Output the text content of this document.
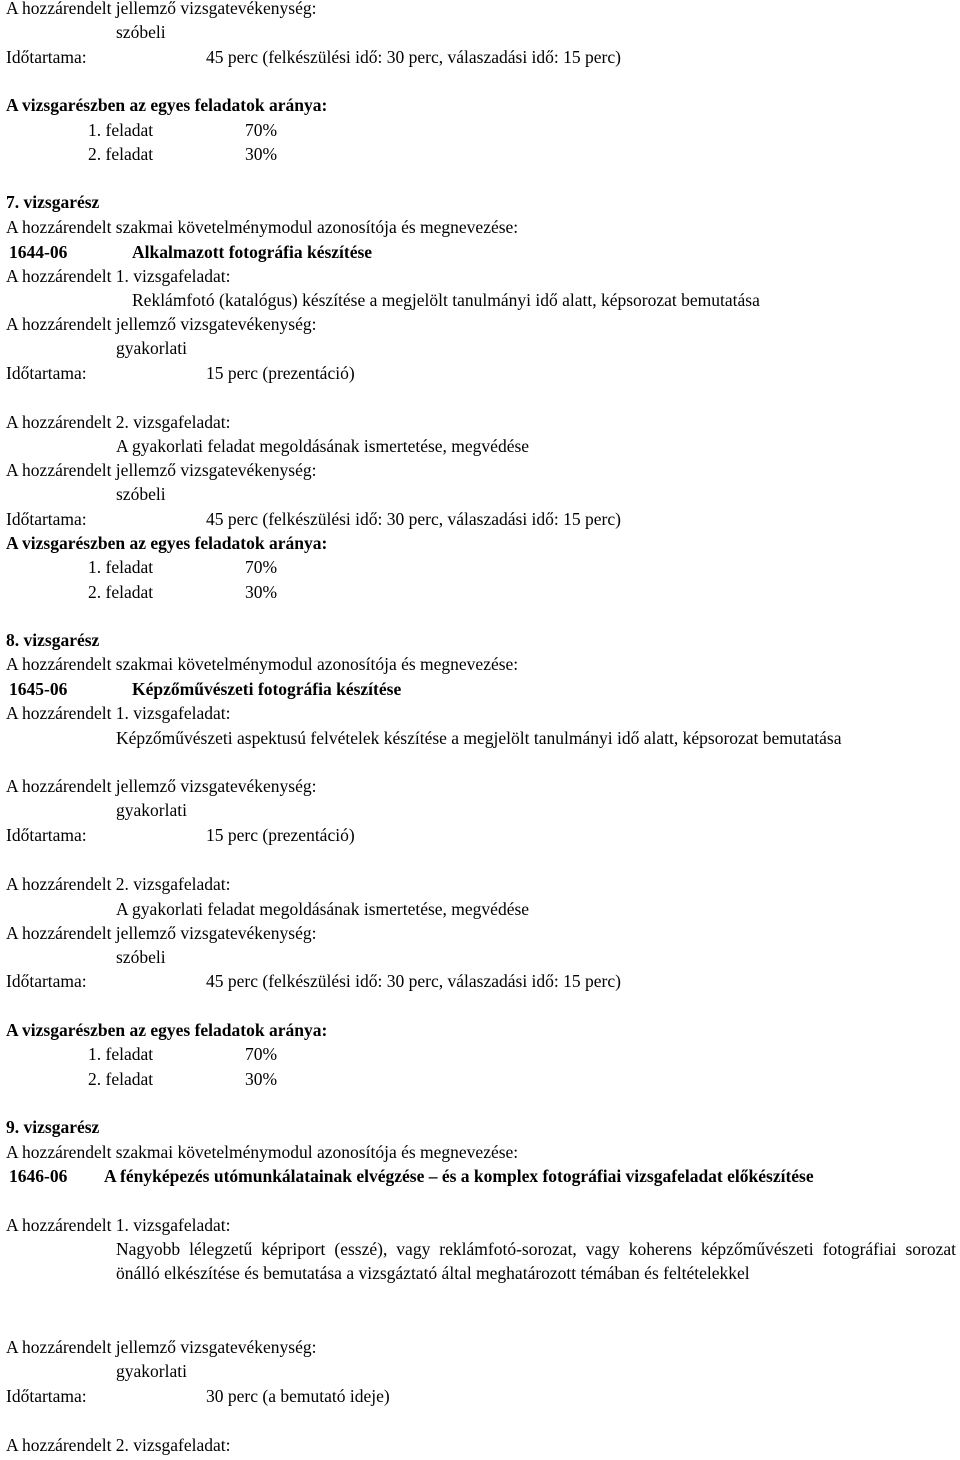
A hozzárendelt jellemző vizsgatevékenység:
szóbeli
Időtartama:	45 perc (felkészülési idő: 30 perc, válaszadási idő: 15 perc)
A vizsgarészben az egyes feladatok aránya:
1. feladat	70%
2. feladat	30%
7. vizsgarész
A hozzárendelt szakmai követelménymodul azonosítója és megnevezése:
1644-06	Alkalmazott fotográfia készítése
A hozzárendelt 1. vizsgafeladat:
Reklámfotó (katalógus) készítése a megjelölt tanulmányi idő alatt, képsorozat bemutatása
A hozzárendelt jellemző vizsgatevékenység:
gyakorlati
Időtartama:	15 perc (prezentáció)
A hozzárendelt 2. vizsgafeladat:
A gyakorlati feladat megoldásának ismertetése, megvédése
A hozzárendelt jellemző vizsgatevékenység:
szóbeli
Időtartama:	45 perc (felkészülési idő: 30 perc, válaszadási idő: 15 perc)
A vizsgarészben az egyes feladatok aránya:
1. feladat	70%
2. feladat	30%
8. vizsgarész
A hozzárendelt szakmai követelménymodul azonosítója és megnevezése:
1645-06	Képzőművészeti fotográfia készítése
A hozzárendelt 1. vizsgafeladat:
Képzőművészeti aspektusú felvételek készítése a megjelölt tanulmányi idő alatt, képsorozat bemutatása
A hozzárendelt jellemző vizsgatevékenység:
gyakorlati
Időtartama:	15 perc (prezentáció)
A hozzárendelt 2. vizsgafeladat:
A gyakorlati feladat megoldásának ismertetése, megvédése
A hozzárendelt jellemző vizsgatevékenység:
szóbeli
Időtartama:	45 perc (felkészülési idő: 30 perc, válaszadási idő: 15 perc)
A vizsgarészben az egyes feladatok aránya:
1. feladat	70%
2. feladat	30%
9. vizsgarész
A hozzárendelt szakmai követelménymodul azonosítója és megnevezése:
1646-06 A fényképezés utómunkálatainak elvégzése – és a komplex fotográfiai vizsgafeladat előkészítése
A hozzárendelt 1. vizsgafeladat:
Nagyobb lélegzetű képriport (esszé), vagy reklámfotó-sorozat, vagy koherens képzőművészeti fotográfiai sorozat önálló elkészítése és bemutatása a vizsgáztató által meghatározott témában és feltételekkel
A hozzárendelt jellemző vizsgatevékenység:
gyakorlati
Időtartama:	30 perc (a bemutató ideje)
A hozzárendelt 2. vizsgafeladat:
